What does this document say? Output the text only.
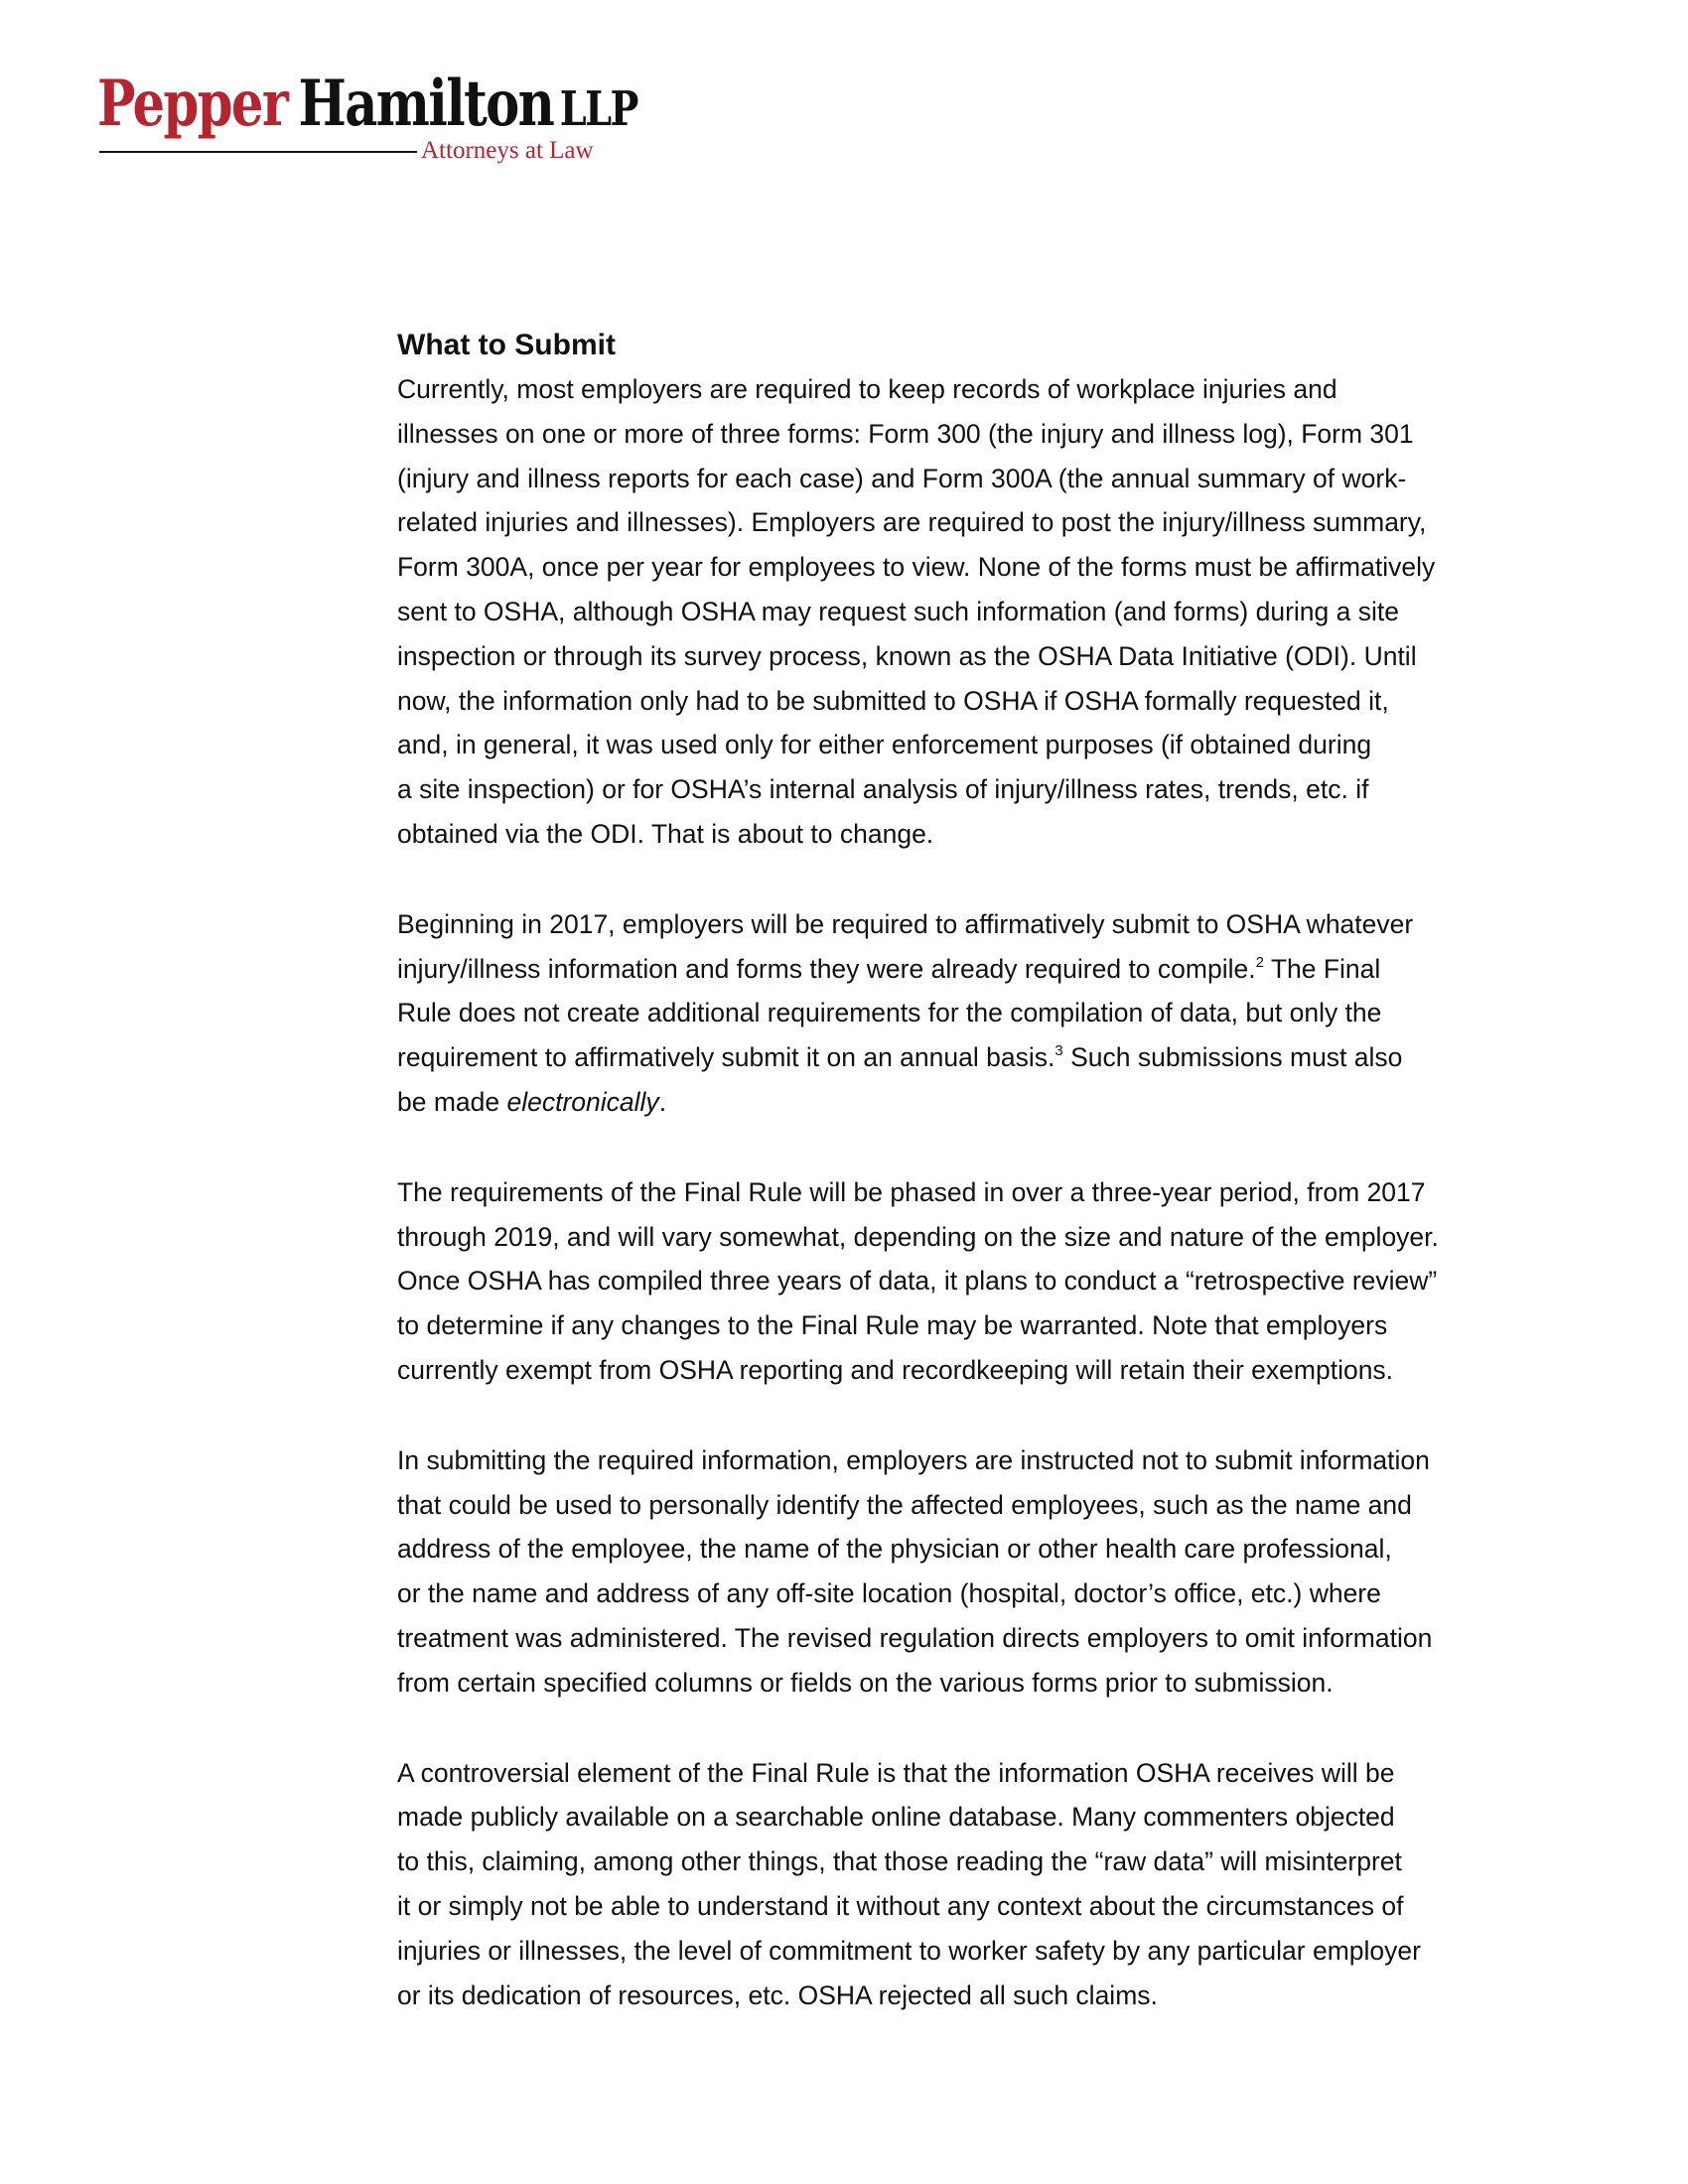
Pepper Hamilton LLP
Attorneys at Law
What to Submit

Currently, most employers are required to keep records of workplace injuries and
illnesses on one or more of three forms: Form 300 (the injury and illness log), Form 301
(injury and illness reports for each case) and Form 300A (the annual summary of work-
related injuries and illnesses). Employers are required to post the injury/illness summary,
Form 300A, once per year for employees to view. None of the forms must be affirmatively
sent to OSHA, although OSHA may request such information (and forms) during a site
inspection or through its survey process, known as the OSHA Data Initiative (ODI). Until
now, the information only had to be submitted to OSHA if OSHA formally requested it,
and, in general, it was used only for either enforcement purposes (if obtained during
a site inspection) or for OSHA’s internal analysis of injury/illness rates, trends, etc. if
obtained via the ODI. That is about to change.

Beginning in 2017, employers will be required to affirmatively submit to OSHA whatever
injury/illness information and forms they were already required to compile.$^2$ The Final
Rule does not create additional requirements for the compilation of data, but only the
requirement to affirmatively submit it on an annual basis.$^3$ Such submissions must also
be made electronically.

The requirements of the Final Rule will be phased in over a three-year period, from 2017
through 2019, and will vary somewhat, depending on the size and nature of the employer.
Once OSHA has compiled three years of data, it plans to conduct a “retrospective review”
to determine if any changes to the Final Rule may be warranted. Note that employers
currently exempt from OSHA reporting and recordkeeping will retain their exemptions.

In submitting the required information, employers are instructed not to submit information
that could be used to personally identify the affected employees, such as the name and
address of the employee, the name of the physician or other health care professional,
or the name and address of any off-site location (hospital, doctor’s office, etc.) where
treatment was administered. The revised regulation directs employers to omit information
from certain specified columns or fields on the various forms prior to submission.

A controversial element of the Final Rule is that the information OSHA receives will be
made publicly available on a searchable online database. Many commenters objected
to this, claiming, among other things, that those reading the “raw data” will misinterpret
it or simply not be able to understand it without any context about the circumstances of
injuries or illnesses, the level of commitment to worker safety by any particular employer
or its dedication of resources, etc. OSHA rejected all such claims.
